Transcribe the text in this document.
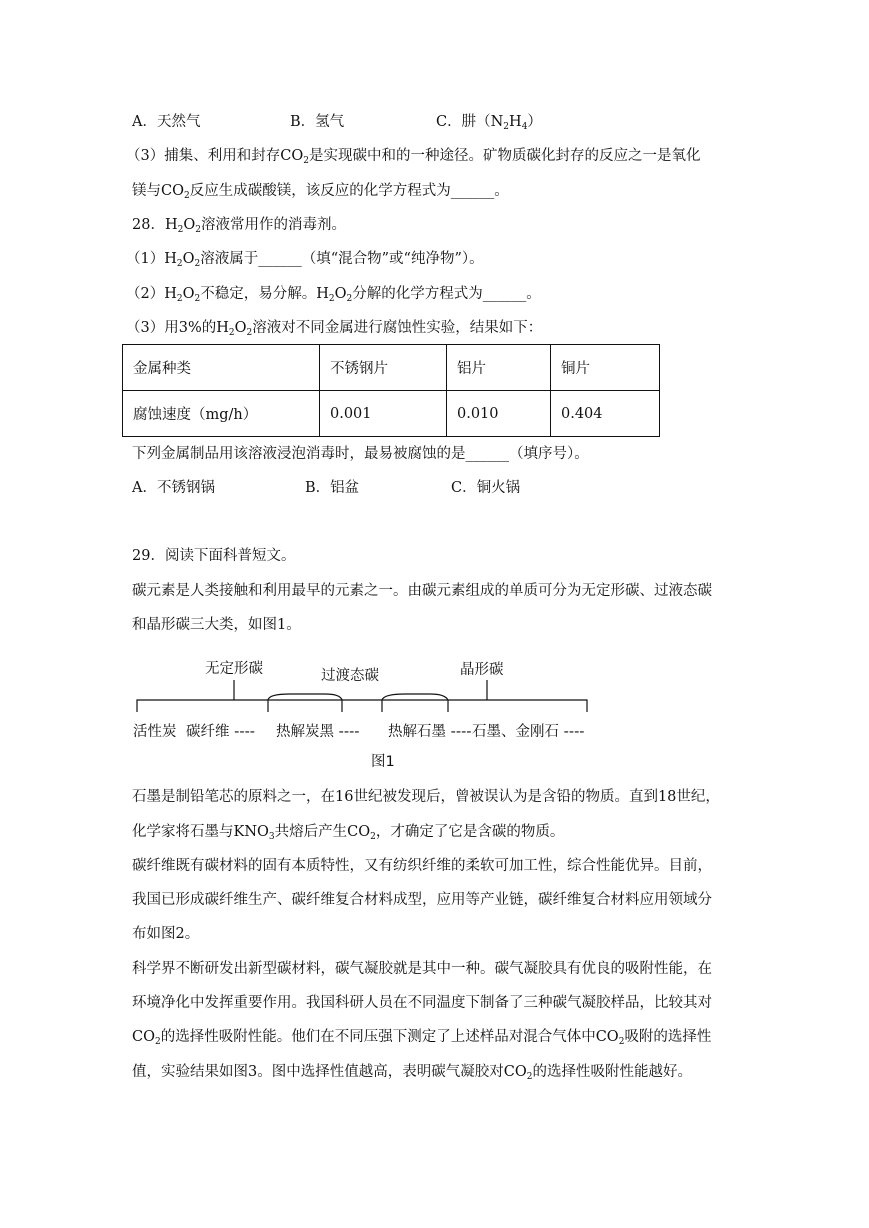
A．天然气	B．氢气	C．肼$(N_2H_4)$
（3）捕集、利用和封存$CO_2$是实现碳中和的一种途径。矿物质碳化封存的反应之一是氧化
镁与$CO_2$反应生成碳酸镁，该反应的化学方程式为______。
28．$H_2O_2$溶液常用作的消毒剂。
$(1)H_2O_2$溶液属于______（填“混合物”或“纯净物”）。
$(2)H_2O_2$不稳定，易分解。$H_2O_2$分解的化学方程式为______。
（3）用3%的$H_2O_2$溶液对不同金属进行腐蚀性实验，结果如下：
金属种类	不锈钢片	铝片	铜片
腐蚀速度（mg/h）	0.001	0.010	0.404
下列金属制品用该溶液浸泡消毒时，最易被腐蚀的是______（填序号）。
A．不锈钢锅	B．铝盆	C．铜火锅
29．阅读下面科普短文。
碳元素是人类接触和利用最早的元素之一。由碳元素组成的单质可分为无定形碳、过液态碳
和晶形碳三大类，如图1。
无定形碳	过渡态碳	晶形碳
活性炭 碳纤维 ---- 热解炭黑 ---- 热解石墨 ---- 石墨、金刚石 ----
图1
石墨是制铅笔芯的原料之一，在16世纪被发现后，曾被误认为是含铅的物质。直到18世纪，
化学家将石墨与$KNO_3$共熔后产生$CO_2$，才确定了它是含碳的物质。
碳纤维既有碳材料的固有本质特性，又有纺织纤维的柔软可加工性，综合性能优异。目前，
我国已形成碳纤维生产、碳纤维复合材料成型，应用等产业链，碳纤维复合材料应用领域分
布如图2。
科学界不断研发出新型碳材料，碳气凝胶就是其中一种。碳气凝胶具有优良的吸附性能，在
环境净化中发挥重要作用。我国科研人员在不同温度下制备了三种碳气凝胶样品，比较其对
$CO_2$的选择性吸附性能。他们在不同压强下测定了上述样品对混合气体中$CO_2$吸附的选择性
值，实验结果如图3。图中选择性值越高，表明碳气凝胶对$CO_2$的选择性吸附性能越好。
